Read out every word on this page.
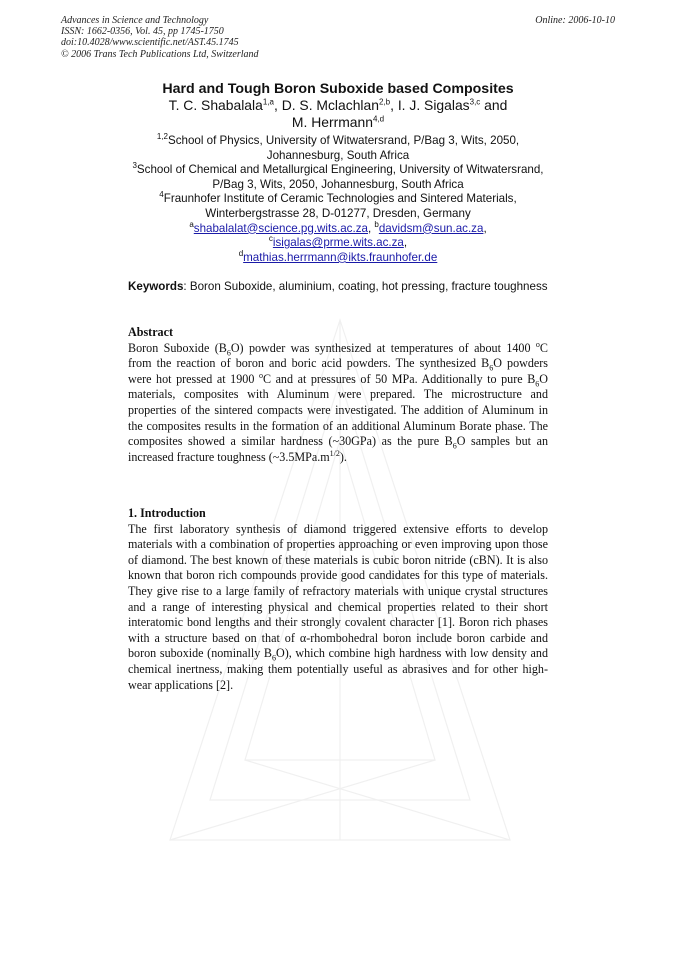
Advances in Science and Technology
ISSN: 1662-0356, Vol. 45, pp 1745-1750
doi:10.4028/www.scientific.net/AST.45.1745
© 2006 Trans Tech Publications Ltd, Switzerland
Online: 2006-10-10
Hard and Tough Boron Suboxide based Composites
T. C. Shabalala$^{1,a}$, D. S. Mclachlan$^{2,b}$, I. J. Sigalas$^{3,c}$ and
M. Herrmann$^{4,d}$
$^{1,2}$School of Physics, University of Witwatersrand, P/Bag 3, Wits, 2050, Johannesburg, South Africa
$^3$School of Chemical and Metallurgical Engineering, University of Witwatersrand, P/Bag 3, Wits, 2050, Johannesburg, South Africa
$^4$Fraunhofer Institute of Ceramic Technologies and Sintered Materials, Winterbergstrasse 28, D-01277, Dresden, Germany
$^a$shabalalat@science.pg.wits.ac.za, $^b$davidsm@sun.ac.za,
$^c$isigalas@prme.wits.ac.za,
$^d$mathias.herrmann@ikts.fraunhofer.de
Keywords: Boron Suboxide, aluminium, coating, hot pressing, fracture toughness
Abstract
Boron Suboxide $(B_6O)$ powder was synthesized at temperatures of about 1400 $^o$C from the reaction of boron and boric acid powders. The synthesized $B_6O$ powders were hot pressed at 1900 $^o$C and at pressures of 50 MPa. Additionally to pure $B_6O$ materials, composites with Aluminum were prepared. The microstructure and properties of the sintered compacts were investigated. The addition of Aluminum in the composites results in the formation of an additional Aluminum Borate phase. The composites showed a similar hardness (~30GPa) as the pure $B_6O$ samples but an increased fracture toughness $(\sim 3.5MPa.m^{1/2})$.
1. Introduction
The first laboratory synthesis of diamond triggered extensive efforts to develop materials with a combination of properties approaching or even improving upon those of diamond. The best known of these materials is cubic boron nitride (cBN). It is also known that boron rich compounds provide good candidates for this type of materials. They give rise to a large family of refractory materials with unique crystal structures and a range of interesting physical and chemical properties related to their short interatomic bond lengths and their strongly covalent character [1]. Boron rich phases with a structure based on that of α-rhombohedral boron include boron carbide and boron suboxide (nominally $B_6O$), which combine high hardness with low density and chemical inertness, making them potentially useful as abrasives and for other high-wear applications [2].
